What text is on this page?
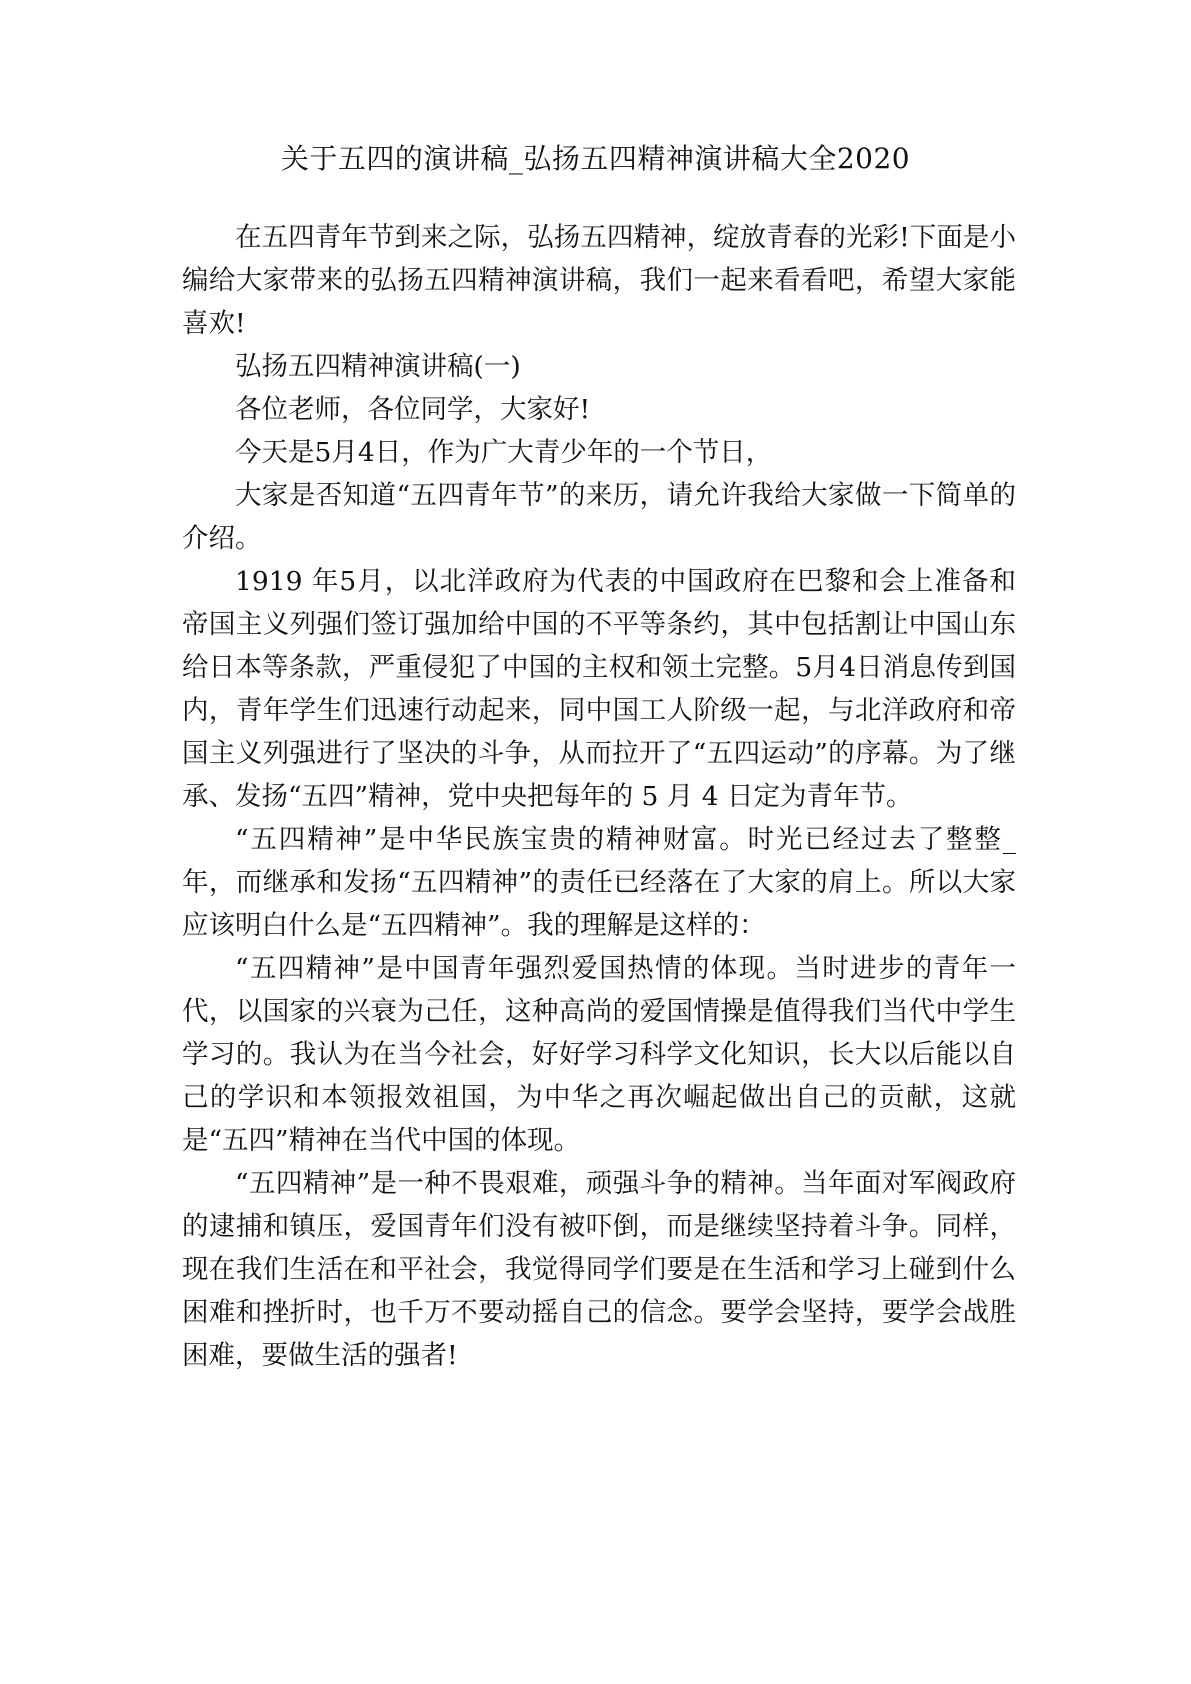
关于五四的演讲稿_弘扬五四精神演讲稿大全2020

在五四青年节到来之际，弘扬五四精神，绽放青春的光彩!下面是小编给大家带来的弘扬五四精神演讲稿，我们一起来看看吧，希望大家能喜欢!

弘扬五四精神演讲稿(一)

各位老师，各位同学，大家好!

今天是5月4日，作为广大青少年的一个节日，

大家是否知道“五四青年节”的来历，请允许我给大家做一下简单的介绍。

1919 年5月，以北洋政府为代表的中国政府在巴黎和会上准备和帝国主义列强们签订强加给中国的不平等条约，其中包括割让中国山东给日本等条款，严重侵犯了中国的主权和领土完整。5月4日消息传到国内，青年学生们迅速行动起来，同中国工人阶级一起，与北洋政府和帝国主义列强进行了坚决的斗争，从而拉开了“五四运动”的序幕。为了继承、发扬“五四”精神，党中央把每年的 5 月 4 日定为青年节。

“五四精神”是中华民族宝贵的精神财富。时光已经过去了整整_年，而继承和发扬“五四精神”的责任已经落在了大家的肩上。所以大家应该明白什么是“五四精神”。我的理解是这样的：

“五四精神”是中国青年强烈爱国热情的体现。当时进步的青年一代，以国家的兴衰为己任，这种高尚的爱国情操是值得我们当代中学生学习的。我认为在当今社会，好好学习科学文化知识，长大以后能以自己的学识和本领报效祖国，为中华之再次崛起做出自己的贡献，这就是“五四”精神在当代中国的体现。

“五四精神”是一种不畏艰难，顽强斗争的精神。当年面对军阀政府的逮捕和镇压，爱国青年们没有被吓倒，而是继续坚持着斗争。同样，现在我们生活在和平社会，我觉得同学们要是在生活和学习上碰到什么困难和挫折时，也千万不要动摇自己的信念。要学会坚持，要学会战胜困难，要做生活的强者!
